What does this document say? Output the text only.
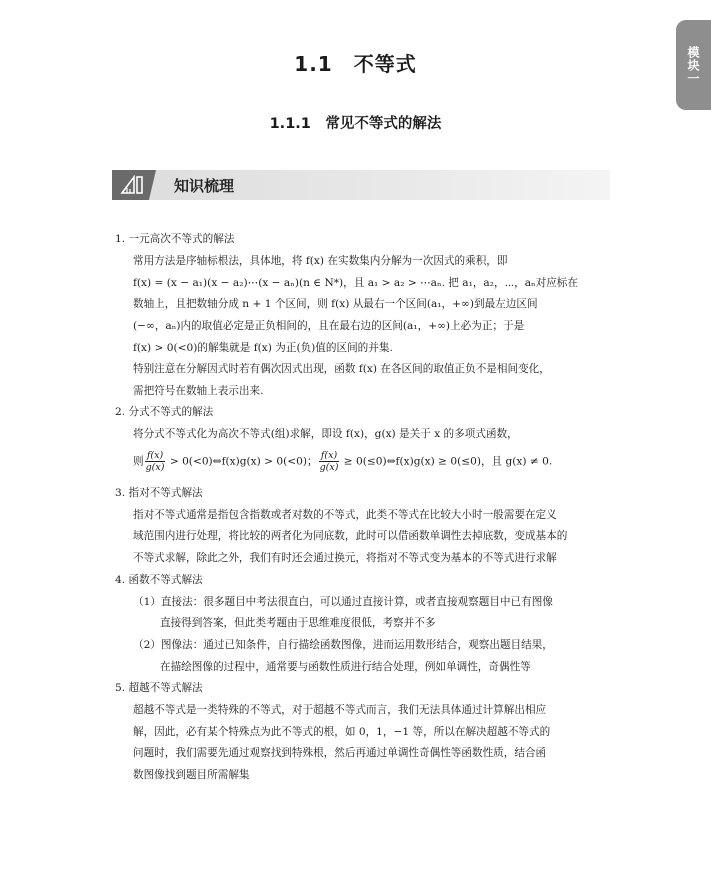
模块一
1.1　不等式
1.1.1　常见不等式的解法
知识梳理
1. 一元高次不等式的解法
常用方法是序轴标根法，具体地，将 f(x) 在实数集内分解为一次因式的乘积，即
f(x) = (x − a₁)(x − a₂)⋯(x − aₙ)(n ∈ N*)，且 a₁ > a₂ > ⋯aₙ. 把 a₁，a₂，⋯，aₙ对应标在
数轴上，且把数轴分成 n + 1 个区间，则 f(x) 从最右一个区间(a₁，+∞)到最左边区间
(−∞，aₙ)内的取值必定是正负相间的，且在最右边的区间(a₁，+∞)上必为正；于是
f(x) > 0(<0)的解集就是 f(x) 为正(负)值的区间的并集.
特别注意在分解因式时若有偶次因式出现，函数 f(x) 在各区间的取值正负不是相间变化，
需把符号在数轴上表示出来.
2. 分式不等式的解法
将分式不等式化为高次不等式(组)求解，即设 f(x)，g(x) 是关于 x 的多项式函数，
则 $\frac{f(x)}{g(x)}$ > 0(<0)⇔f(x)g(x) > 0(<0)； $\frac{f(x)}{g(x)}$ ≥ 0(≤0)⇔f(x)g(x) ≥ 0(≤0)，且 g(x) ≠ 0.
3. 指对不等式解法
指对不等式通常是指包含指数或者对数的不等式，此类不等式在比较大小时一般需要在定义
域范围内进行处理，将比较的两者化为同底数，此时可以借函数单调性去掉底数，变成基本的
不等式求解，除此之外，我们有时还会通过换元，将指对不等式变为基本的不等式进行求解
4. 函数不等式解法
（1）直接法：很多题目中考法很直白，可以通过直接计算，或者直接观察题目中已有图像
直接得到答案，但此类考题由于思维难度很低，考察并不多
（2）图像法：通过已知条件，自行描绘函数图像，进而运用数形结合，观察出题目结果，
在描绘图像的过程中，通常要与函数性质进行结合处理，例如单调性，奇偶性等
5. 超越不等式解法
超越不等式是一类特殊的不等式，对于超越不等式而言，我们无法具体通过计算解出相应
解，因此，必有某个特殊点为此不等式的根，如 0，1，−1 等，所以在解决超越不等式的
问题时，我们需要先通过观察找到特殊根，然后再通过单调性奇偶性等函数性质，结合函
数图像找到题目所需解集
